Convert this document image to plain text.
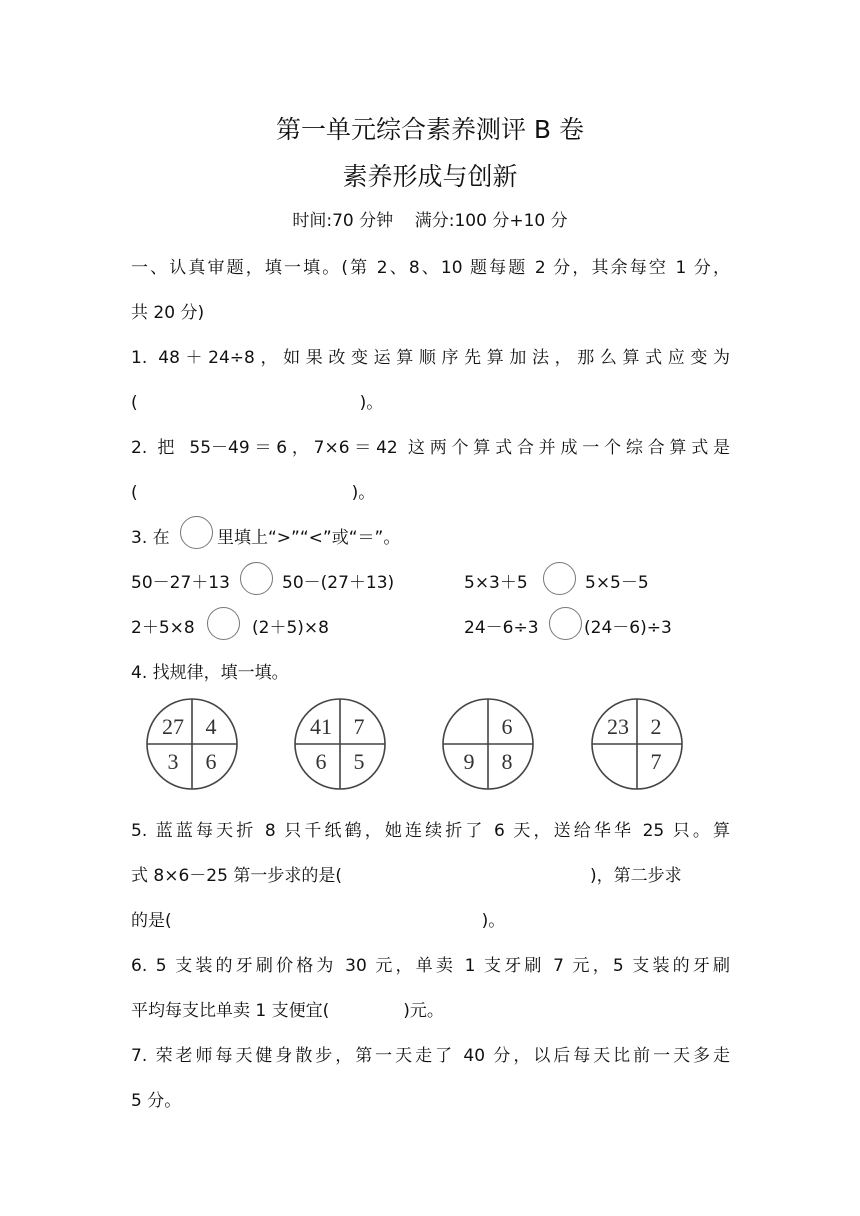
第一单元综合素养测评 B 卷
素养形成与创新
时间:70 分钟    满分:100 分+10 分
一、认真审题，填一填。(第 2、8、10 题每题 2 分，其余每空 1 分，
共 20 分)
1. 48＋24÷8，如果改变运算顺序先算加法，那么算式应变为
(	)。
2. 把 55－49＝6，7×6＝42 这两个算式合并成一个综合算式是
(	)。
3. 在	里填上“>”“<”或“＝”。
50－27＋13	50－(27＋13)	5×3＋5	5×5－5
2＋5×8	(2＋5)×8	24－6÷3	(24－6)÷3
4. 找规律，填一填。
27 4
3 6
41 7
6 5
6
9 8
23 2
7
5. 蓝蓝每天折 8 只千纸鹤，她连续折了 6 天，送给华华 25 只。算
式 8×6－25 第一步求的是(	)，第二步求
的是(	)。
6. 5 支装的牙刷价格为 30 元，单卖 1 支牙刷 7 元，5 支装的牙刷
平均每支比单卖 1 支便宜(	)元。
7. 荣老师每天健身散步，第一天走了 40 分，以后每天比前一天多走
5 分。
